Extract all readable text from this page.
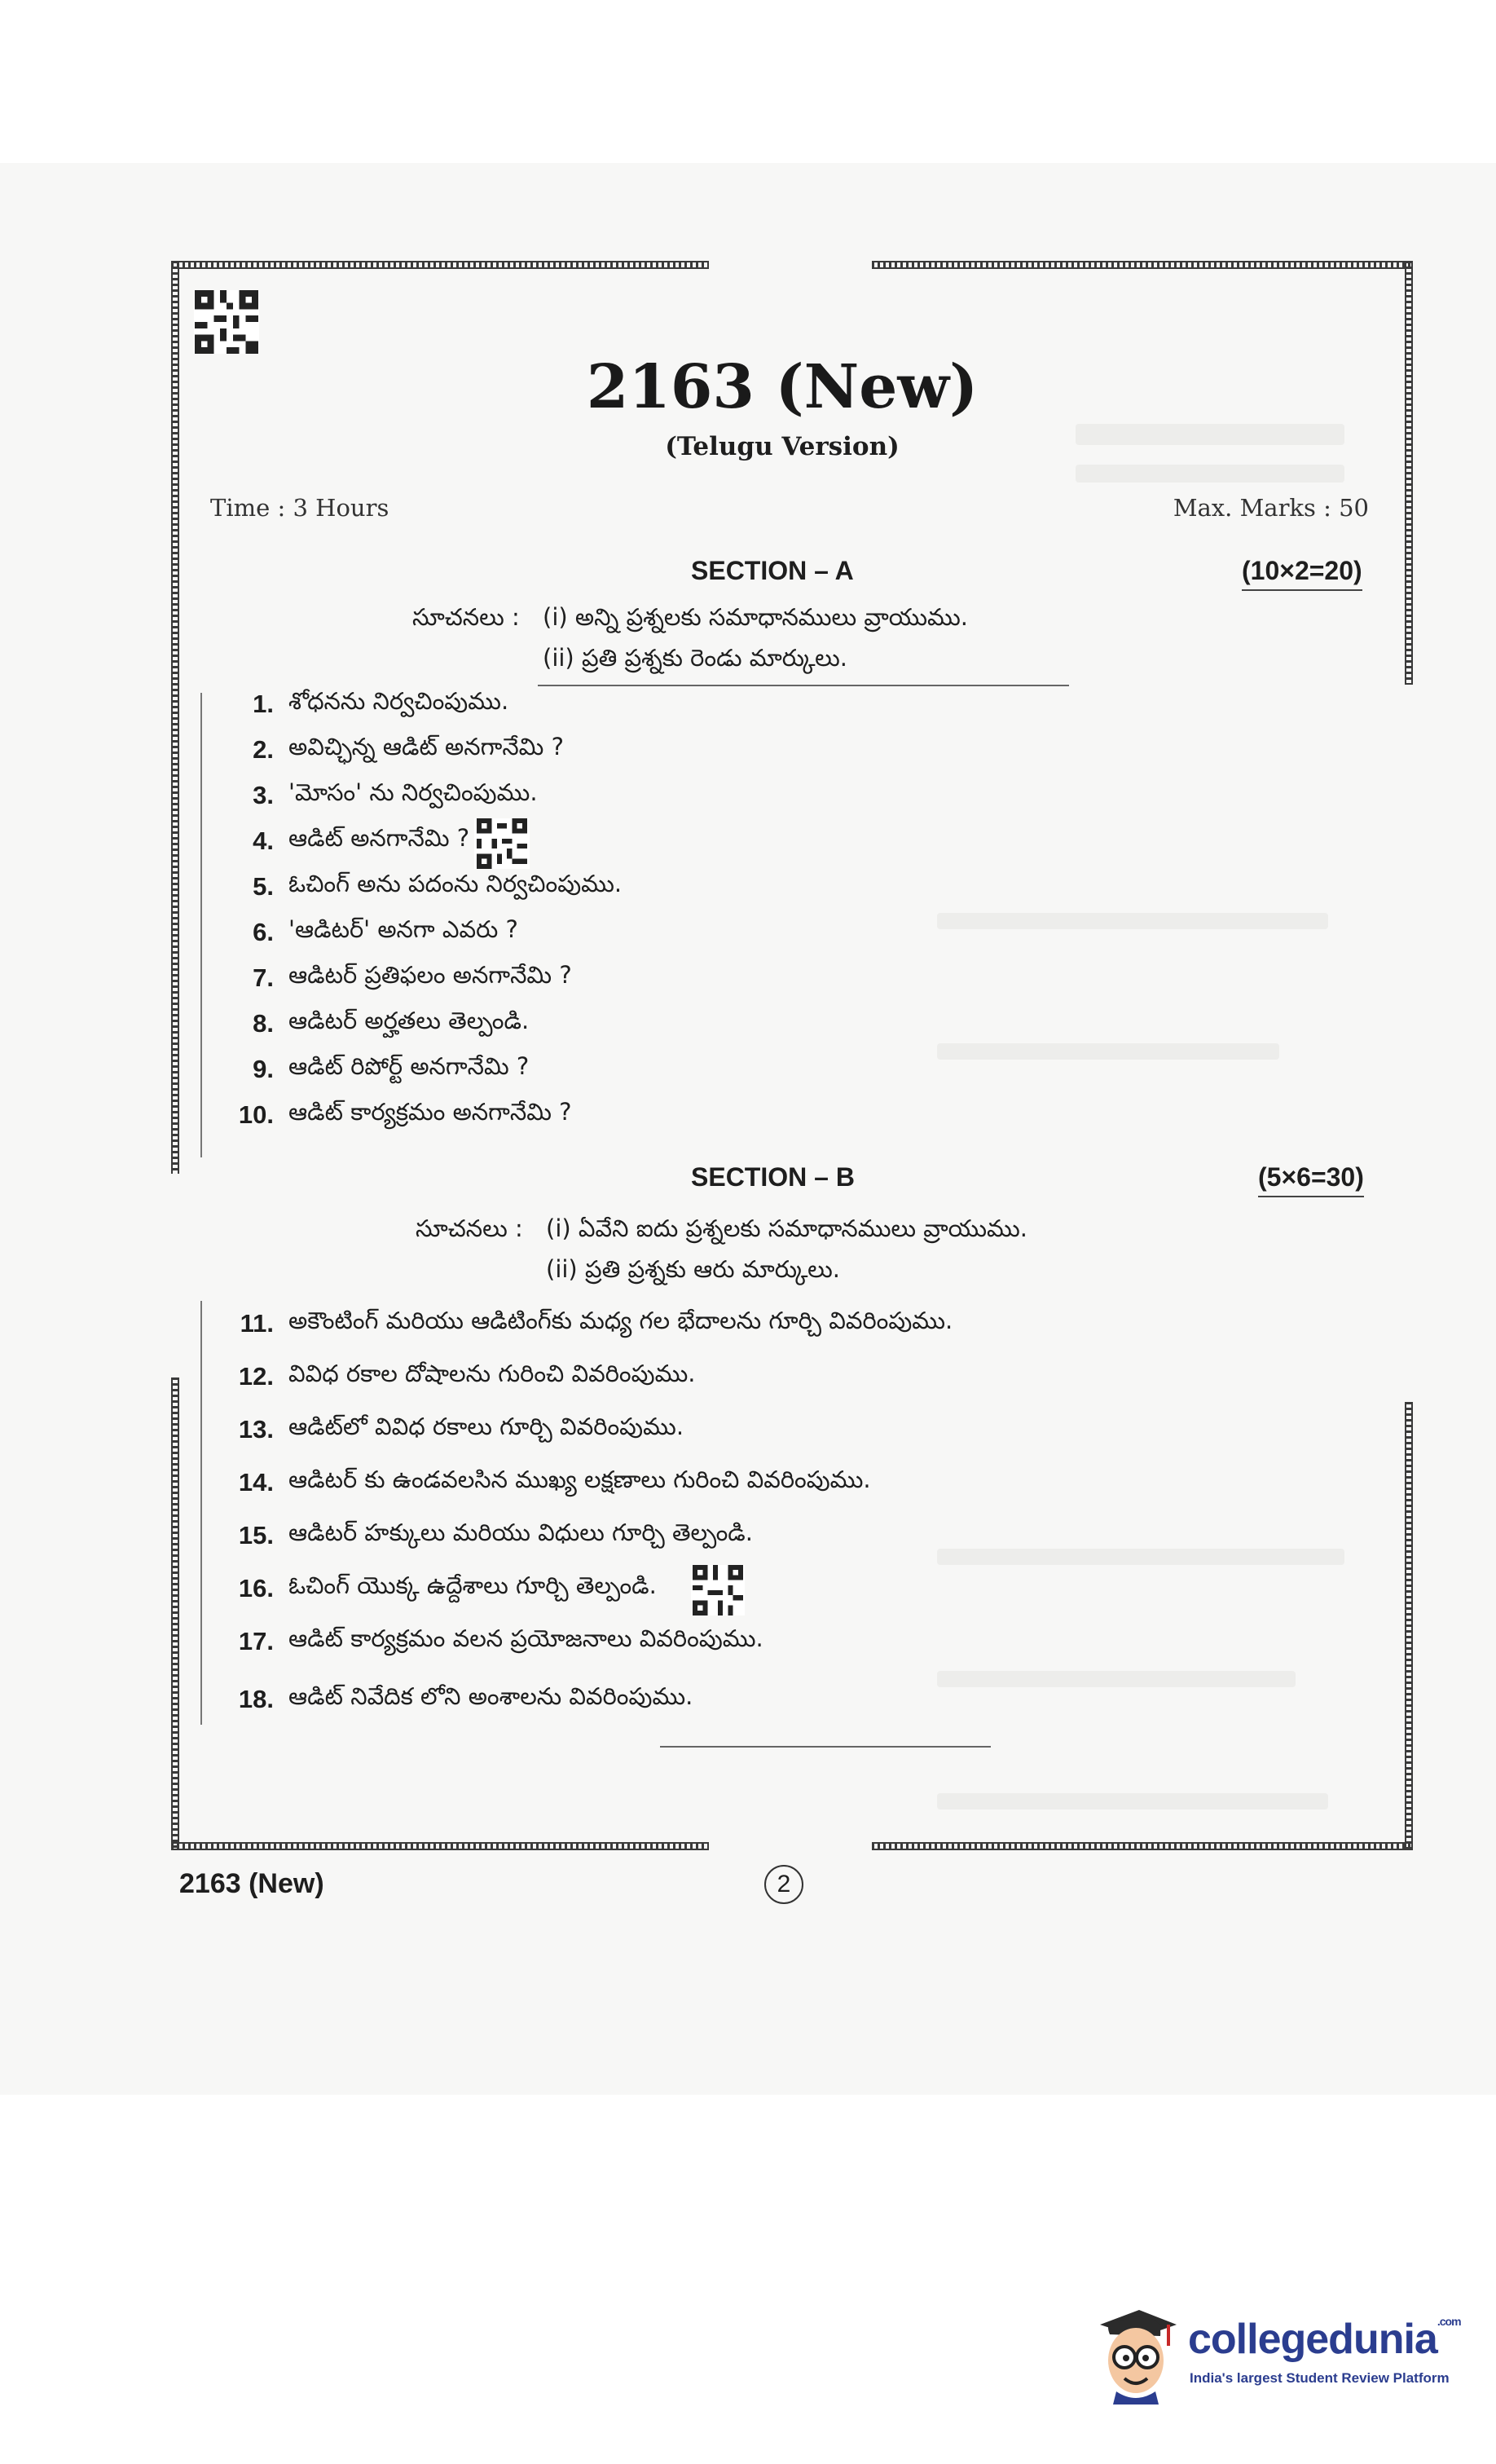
2163 (New)
(Telugu Version)
Time : 3 Hours	Max. Marks : 50
SECTION – A	(10×2=20)
సూచనలు : (i) అన్ని ప్రశ్నలకు సమాధానములు వ్రాయుము.
(ii) ప్రతి ప్రశ్నకు రెండు మార్కులు.
1. శోధనను నిర్వచింపుము.
2. అవిచ్ఛిన్న ఆడిట్ అనగానేమి ?
3. 'మోసం' ను నిర్వచింపుము.
4. ఆడిట్ అనగానేమి ?
5. ఓచింగ్ అను పదంను నిర్వచింపుము.
6. 'ఆడిటర్' అనగా ఎవరు ?
7. ఆడిటర్ ప్రతిఫలం అనగానేమి ?
8. ఆడిటర్ అర్హతలు తెల్పండి.
9. ఆడిట్ రిపోర్ట్ అనగానేమి ?
10. ఆడిట్ కార్యక్రమం అనగానేమి ?
SECTION – B	(5×6=30)
సూచనలు : (i) ఏవేని ఐదు ప్రశ్నలకు సమాధానములు వ్రాయుము.
(ii) ప్రతి ప్రశ్నకు ఆరు మార్కులు.
11. అకౌంటింగ్ మరియు ఆడిటింగ్‌కు మధ్య గల భేదాలను గూర్చి వివరింపుము.
12. వివిధ రకాల దోషాలను గురించి వివరింపుము.
13. ఆడిట్‌లో వివిధ రకాలు గూర్చి వివరింపుము.
14. ఆడిటర్ కు ఉండవలసిన ముఖ్య లక్షణాలు గురించి వివరింపుము.
15. ఆడిటర్ హక్కులు మరియు విధులు గూర్చి తెల్పండి.
16. ఓచింగ్ యొక్క ఉద్దేశాలు గూర్చి తెల్పండి.
17. ఆడిట్ కార్యక్రమం వలన ప్రయోజనాలు వివరింపుము.
18. ఆడిట్ నివేదిక లోని అంశాలను వివరింపుము.
2163 (New)	2
collegedunia$^{.com}$
India's largest Student Review Platform
